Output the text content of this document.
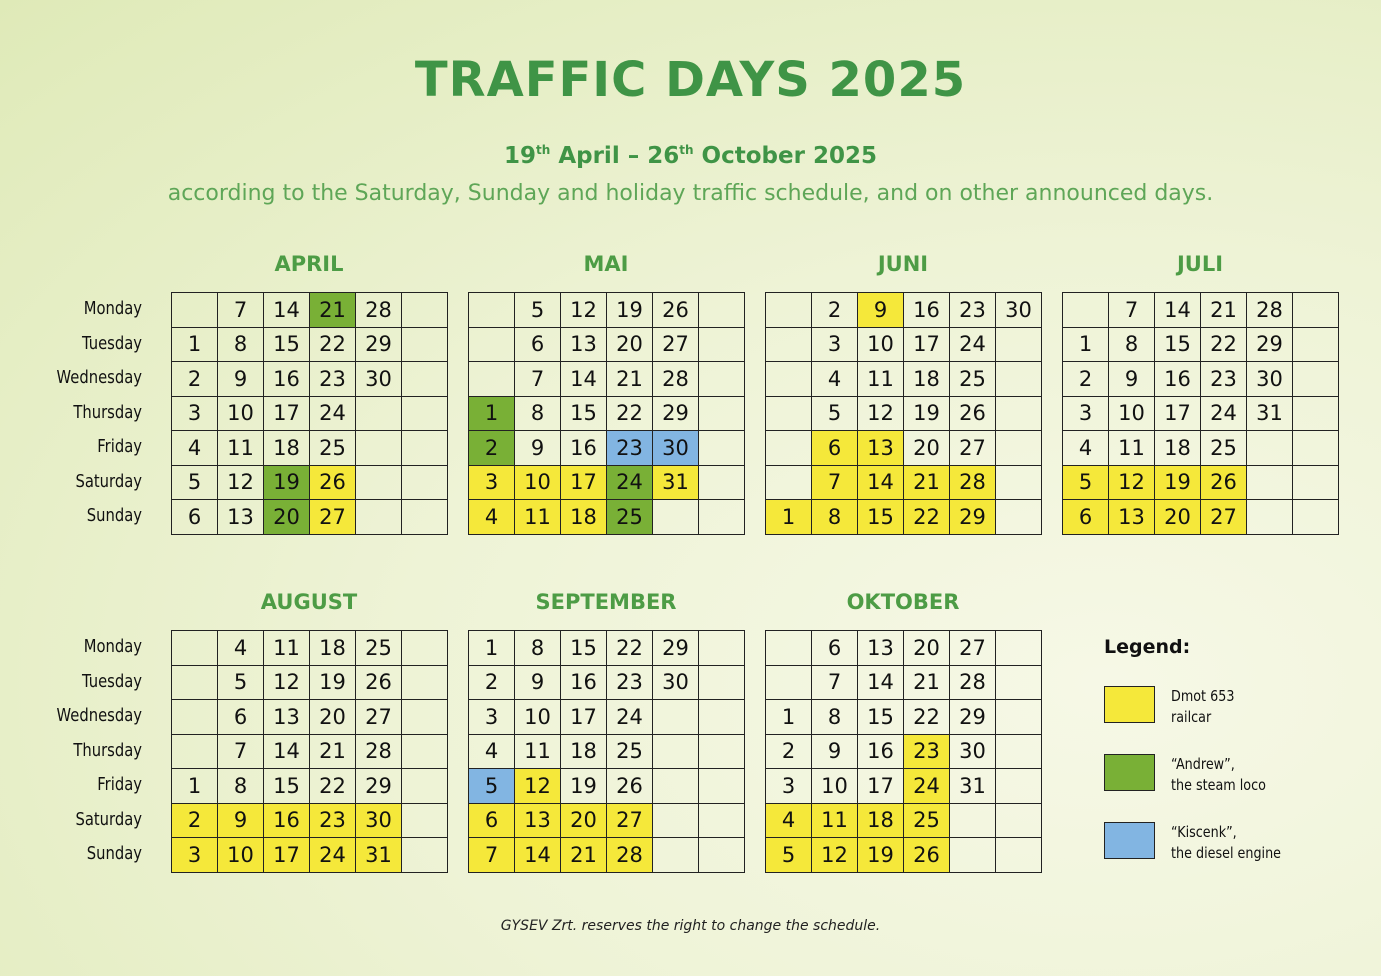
TRAFFIC DAYS 2025
19th April – 26th October 2025
according to the Saturday, Sunday and holiday traffic schedule, and on other announced days.
Monday
Tuesday
Wednesday
Thursday
Friday
Saturday
Sunday
Monday
Tuesday
Wednesday
Thursday
Friday
Saturday
Sunday
APRIL
	7	14	21	28	
1	8	15	22	29	
2	9	16	23	30	
3	10	17	24		
4	11	18	25		
5	12	19	26		
6	13	20	27		
MAI
	5	12	19	26	
	6	13	20	27	
	7	14	21	28	
1	8	15	22	29	
2	9	16	23	30	
3	10	17	24	31	
4	11	18	25		
JUNI
	2	9	16	23	30
	3	10	17	24	
	4	11	18	25	
	5	12	19	26	
	6	13	20	27	
	7	14	21	28	
1	8	15	22	29	
JULI
	7	14	21	28	
1	8	15	22	29	
2	9	16	23	30	
3	10	17	24	31	
4	11	18	25		
5	12	19	26		
6	13	20	27		
AUGUST
	4	11	18	25	
	5	12	19	26	
	6	13	20	27	
	7	14	21	28	
1	8	15	22	29	
2	9	16	23	30	
3	10	17	24	31	
SEPTEMBER
1	8	15	22	29	
2	9	16	23	30	
3	10	17	24		
4	11	18	25		
5	12	19	26		
6	13	20	27		
7	14	21	28		
OKTOBER
	6	13	20	27	
	7	14	21	28	
1	8	15	22	29	
2	9	16	23	30	
3	10	17	24	31	
4	11	18	25		
5	12	19	26		
Legend:
Dmot 653
railcar
“Andrew”,
the steam loco
“Kiscenk”,
the diesel engine
GYSEV Zrt. reserves the right to change the schedule.
